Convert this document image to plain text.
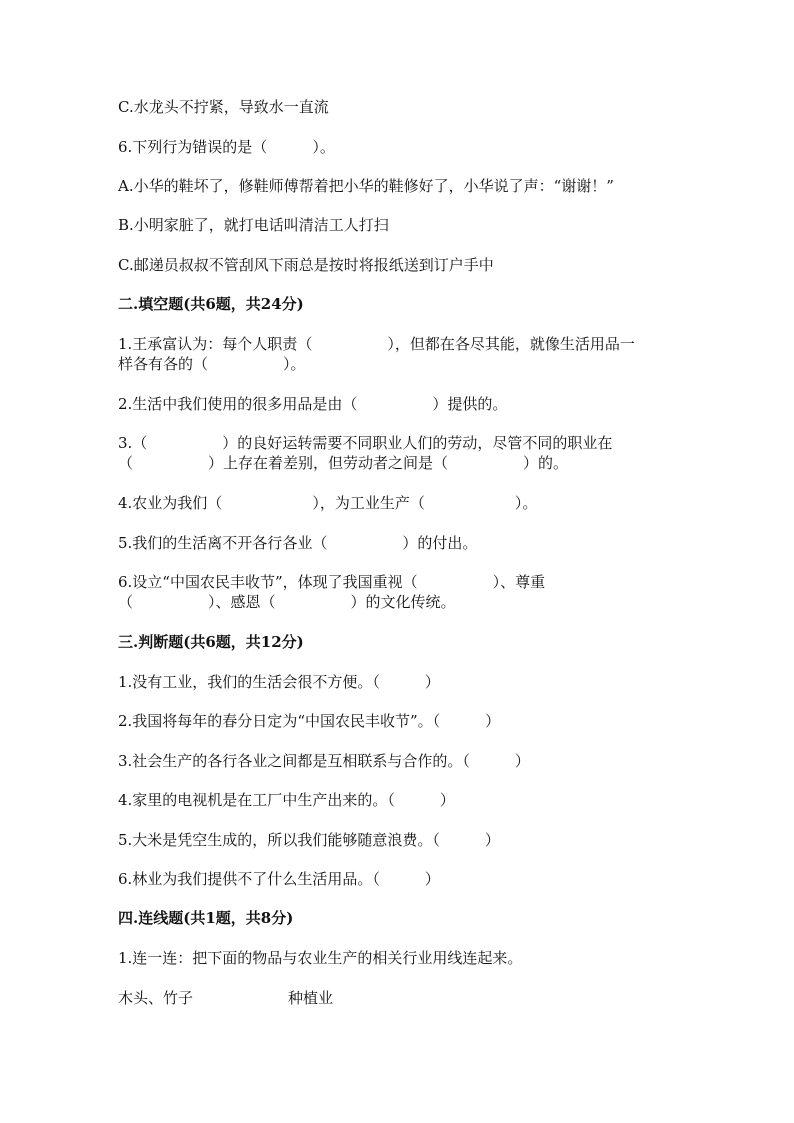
C.水龙头不拧紧，导致水一直流
6.下列行为错误的是（　　　）。
A.小华的鞋坏了，修鞋师傅帮着把小华的鞋修好了，小华说了声：“谢谢！”
B.小明家脏了，就打电话叫清洁工人打扫
C.邮递员叔叔不管刮风下雨总是按时将报纸送到订户手中
二.填空题(共6题，共24分)
1.王承富认为：每个人职责（　　　　　），但都在各尽其能，就像生活用品一
样各有各的（　　　　　）。
2.生活中我们使用的很多用品是由（　　　　　）提供的。
3.（　　　　　）的良好运转需要不同职业人们的劳动，尽管不同的职业在
（　　　　　）上存在着差别，但劳动者之间是（　　　　　）的。
4.农业为我们（　　　　　　），为工业生产（　　　　　　）。
5.我们的生活离不开各行各业（　　　　　）的付出。
6.设立“中国农民丰收节”，体现了我国重视（　　　　　）、尊重
（　　　　　）、感恩（　　　　　）的文化传统。
三.判断题(共6题，共12分)
1.没有工业，我们的生活会很不方便。（　　　）
2.我国将每年的春分日定为“中国农民丰收节”。（　　　）
3.社会生产的各行各业之间都是互相联系与合作的。（　　　）
4.家里的电视机是在工厂中生产出来的。（　　　）
5.大米是凭空生成的，所以我们能够随意浪费。（　　　）
6.林业为我们提供不了什么生活用品。（　　　）
四.连线题(共1题，共8分)
1.连一连：把下面的物品与农业生产的相关行业用线连起来。
木头、竹子	种植业
